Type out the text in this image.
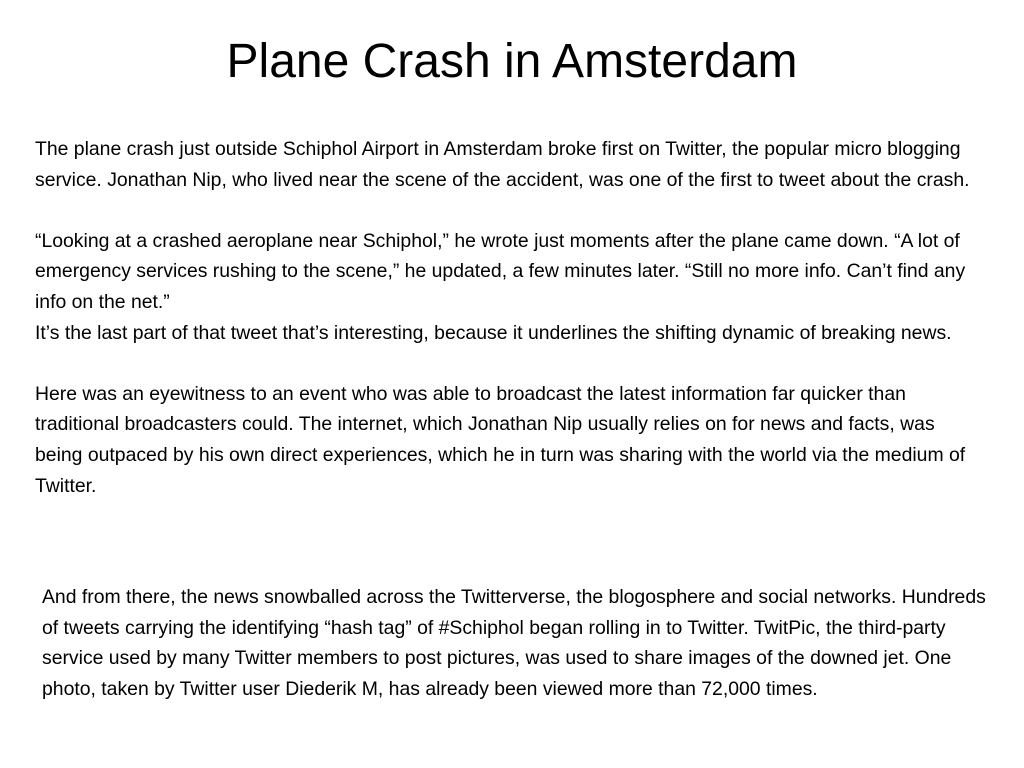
Plane Crash in Amsterdam

The plane crash just outside Schiphol Airport in Amsterdam broke first on Twitter, the popular micro blogging service. Jonathan Nip, who lived near the scene of the accident, was one of the first to tweet about the crash.

“Looking at a crashed aeroplane near Schiphol,” he wrote just moments after the plane came down. “A lot of emergency services rushing to the scene,” he updated, a few minutes later. “Still no more info. Can’t find any info on the net.”

It’s the last part of that tweet that’s interesting, because it underlines the shifting dynamic of breaking news.

Here was an eyewitness to an event who was able to broadcast the latest information far quicker than traditional broadcasters could. The internet, which Jonathan Nip usually relies on for news and facts, was being outpaced by his own direct experiences, which he in turn was sharing with the world via the medium of Twitter.

And from there, the news snowballed across the Twitterverse, the blogosphere and social networks. Hundreds of tweets carrying the identifying “hash tag” of #Schiphol began rolling in to Twitter. TwitPic, the third-party service used by many Twitter members to post pictures, was used to share images of the downed jet. One photo, taken by Twitter user Diederik M, has already been viewed more than 72,000 times.
